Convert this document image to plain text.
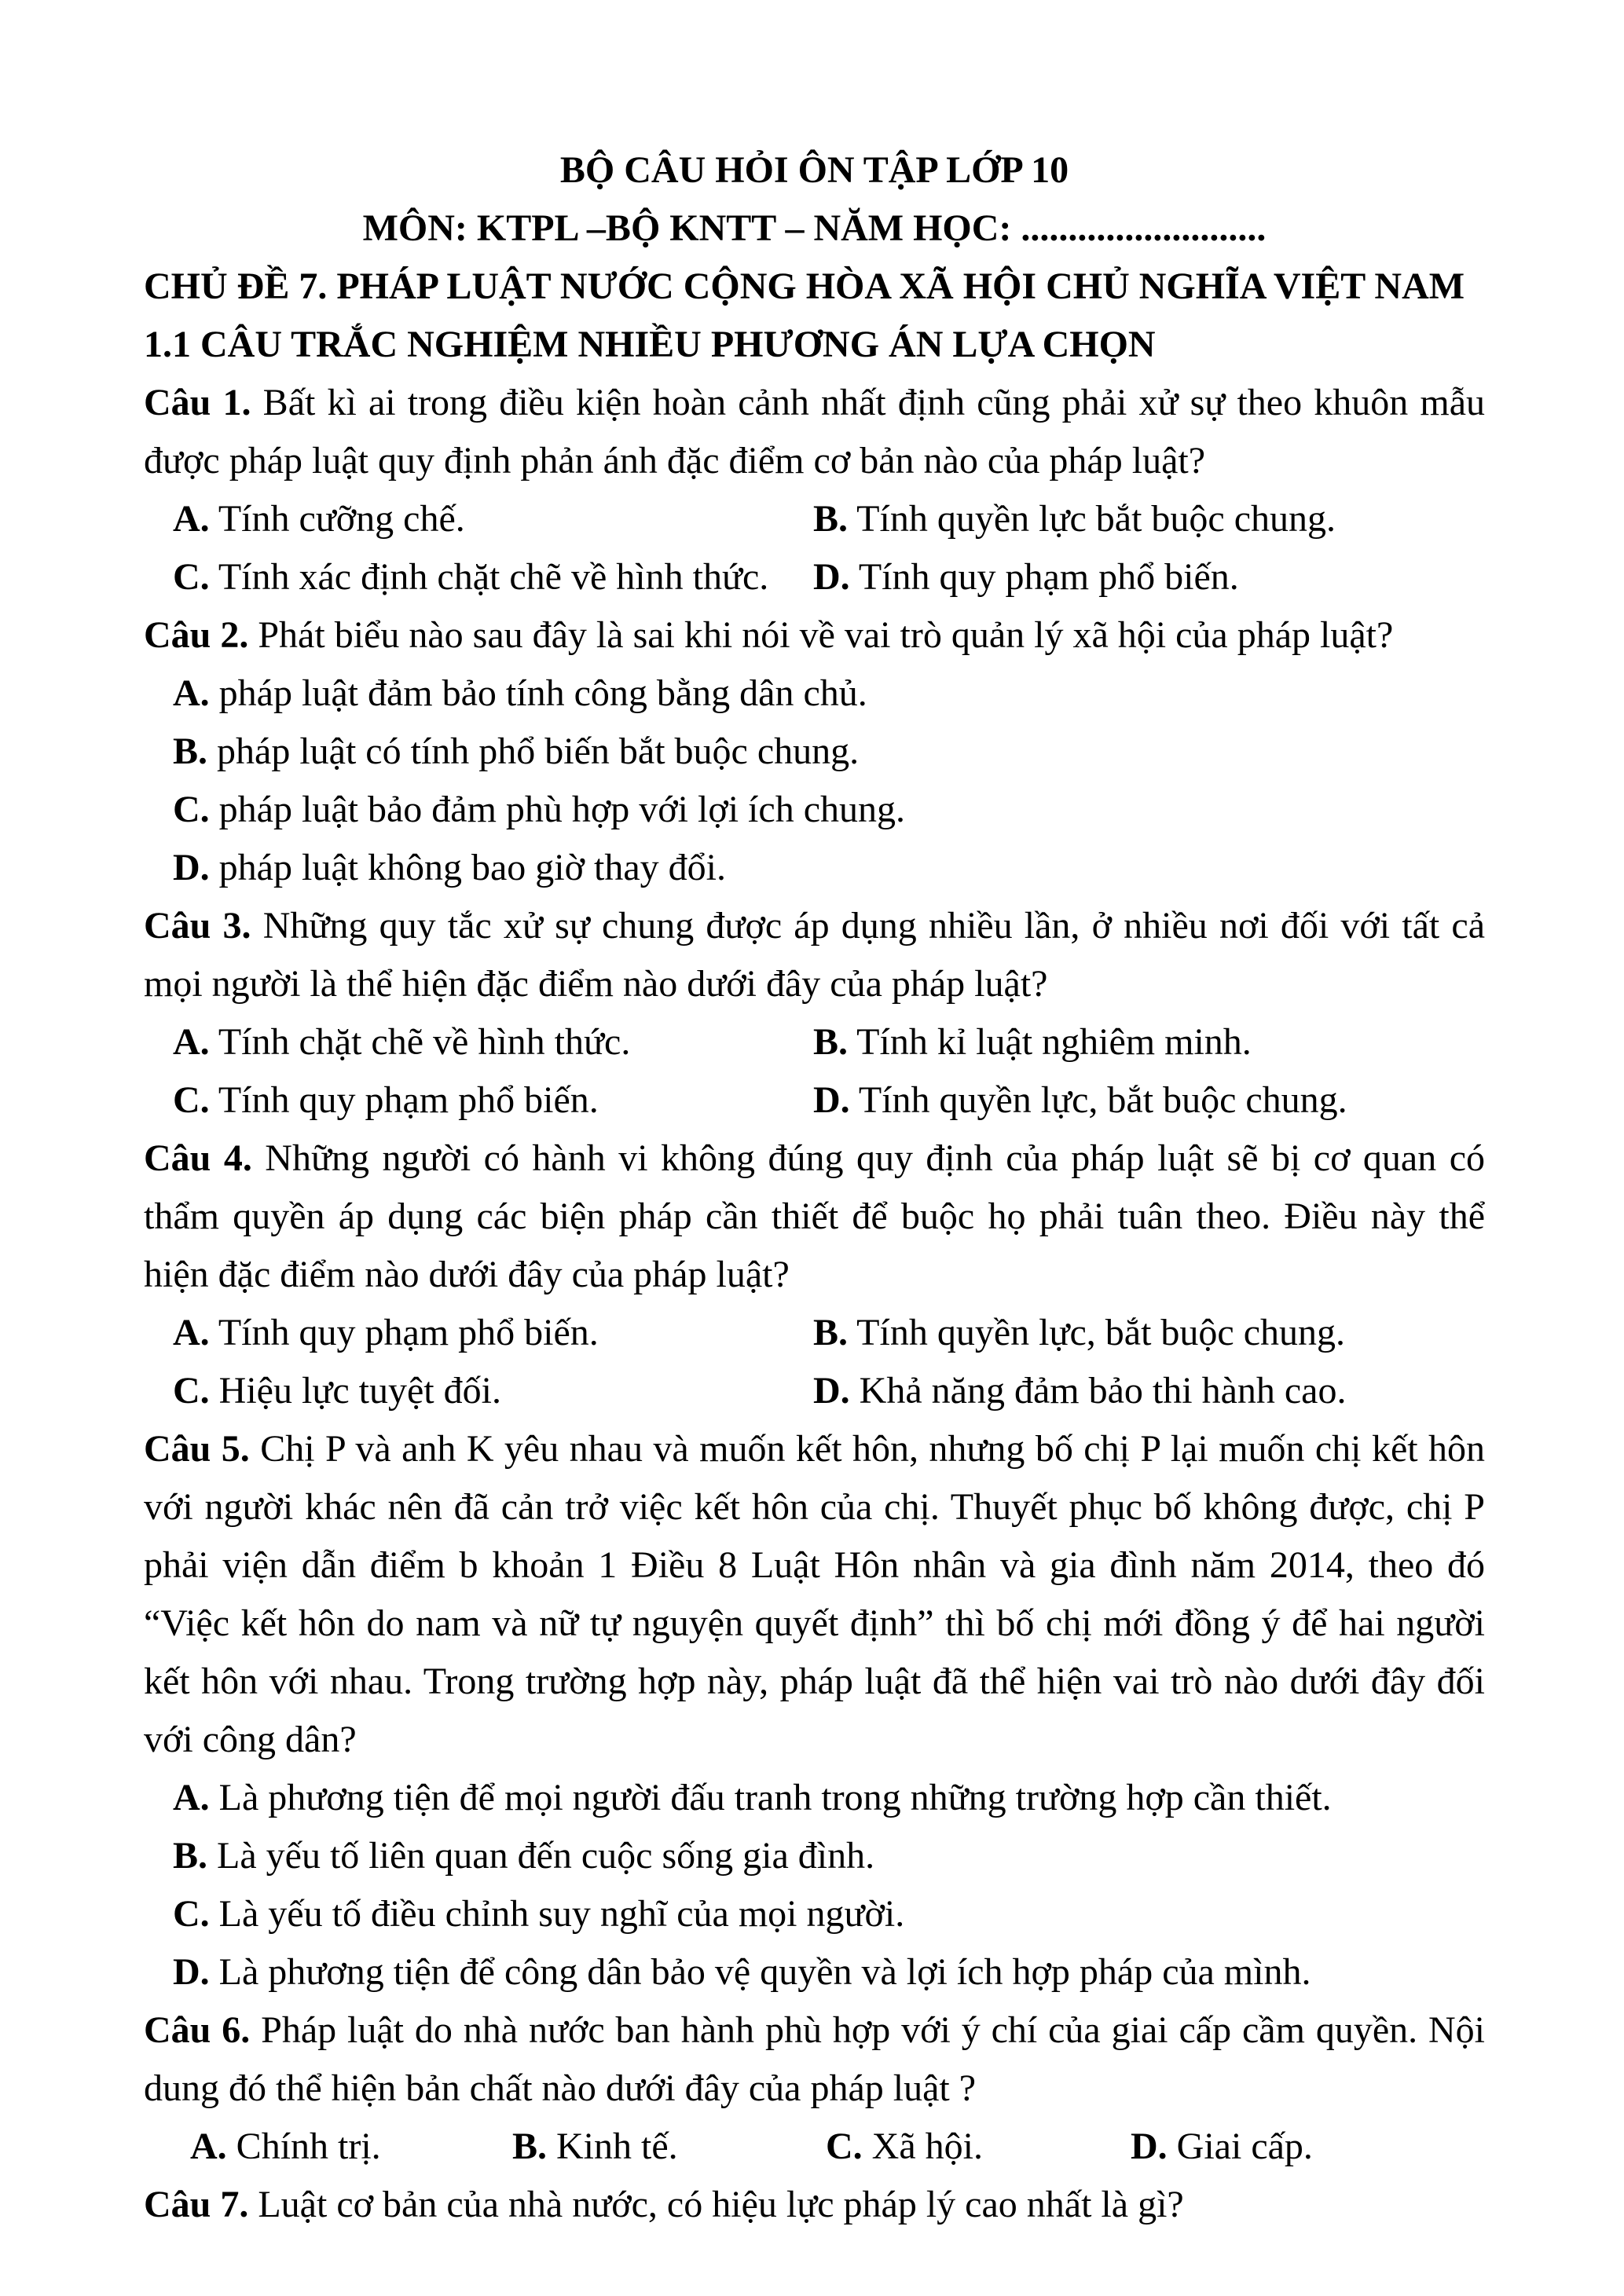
BỘ CÂU HỎI ÔN TẬP LỚP 10

MÔN: KTPL –BỘ KNTT – NĂM HỌC: ..........................

CHỦ ĐỀ 7. PHÁP LUẬT NƯỚC CỘNG HÒA XÃ HỘI CHỦ NGHĨA VIỆT NAM

1.1 CÂU TRẮC NGHIỆM NHIỀU PHƯƠNG ÁN LỰA CHỌN

Câu 1. Bất kì ai trong điều kiện hoàn cảnh nhất định cũng phải xử sự theo khuôn mẫu được pháp luật quy định phản ánh đặc điểm cơ bản nào của pháp luật?

A. Tính cưỡng chế.	B. Tính quyền lực bắt buộc chung.
C. Tính xác định chặt chẽ về hình thức.	D. Tính quy phạm phổ biến.

Câu 2. Phát biểu nào sau đây là sai khi nói về vai trò quản lý xã hội của pháp luật?

A. pháp luật đảm bảo tính công bằng dân chủ.
B. pháp luật có tính phổ biến bắt buộc chung.
C. pháp luật bảo đảm phù hợp với lợi ích chung.
D. pháp luật không bao giờ thay đổi.

Câu 3. Những quy tắc xử sự chung được áp dụng nhiều lần, ở nhiều nơi đối với tất cả mọi người là thể hiện đặc điểm nào dưới đây của pháp luật?

A. Tính chặt chẽ về hình thức.	B. Tính kỉ luật nghiêm minh.
C. Tính quy phạm phổ biến.	D. Tính quyền lực, bắt buộc chung.

Câu 4. Những người có hành vi không đúng quy định của pháp luật sẽ bị cơ quan có thẩm quyền áp dụng các biện pháp cần thiết để buộc họ phải tuân theo. Điều này thể hiện đặc điểm nào dưới đây của pháp luật?

A. Tính quy phạm phổ biến.	B. Tính quyền lực, bắt buộc chung.
C. Hiệu lực tuyệt đối.	D. Khả năng đảm bảo thi hành cao.

Câu 5. Chị P và anh K yêu nhau và muốn kết hôn, nhưng bố chị P lại muốn chị kết hôn với người khác nên đã cản trở việc kết hôn của chị. Thuyết phục bố không được, chị P phải viện dẫn điểm b khoản 1 Điều 8 Luật Hôn nhân và gia đình năm 2014, theo đó “Việc kết hôn do nam và nữ tự nguyện quyết định” thì bố chị mới đồng ý để hai người kết hôn với nhau. Trong trường hợp này, pháp luật đã thể hiện vai trò nào dưới đây đối với công dân?

A. Là phương tiện để mọi người đấu tranh trong những trường hợp cần thiết.
B. Là yếu tố liên quan đến cuộc sống gia đình.
C. Là yếu tố điều chỉnh suy nghĩ của mọi người.
D. Là phương tiện để công dân bảo vệ quyền và lợi ích hợp pháp của mình.

Câu 6. Pháp luật do nhà nước ban hành phù hợp với ý chí của giai cấp cầm quyền. Nội dung đó thể hiện bản chất nào dưới đây của pháp luật ?

A. Chính trị.	B. Kinh tế.	C. Xã hội.	D. Giai cấp.

Câu 7. Luật cơ bản của nhà nước, có hiệu lực pháp lý cao nhất là gì?
